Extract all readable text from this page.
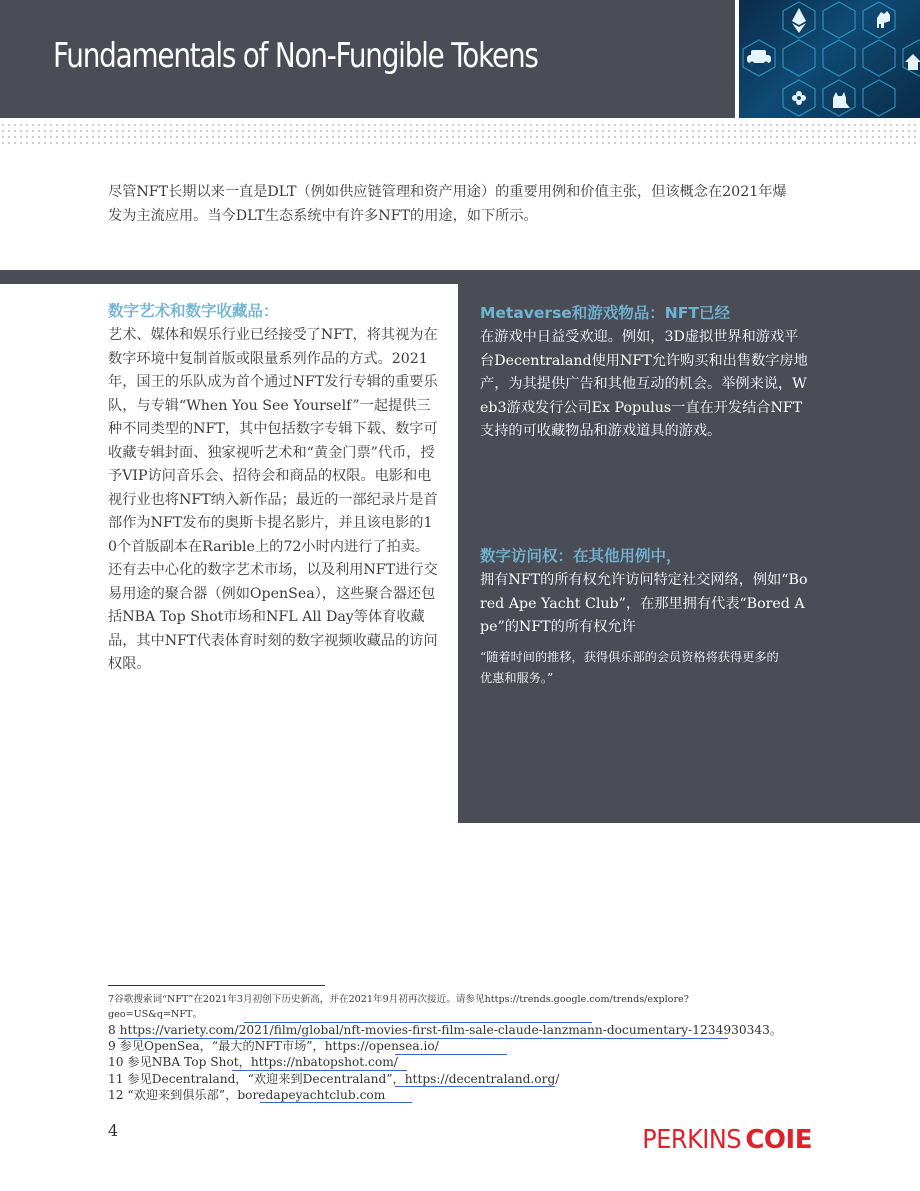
Fundamentals of Non-Fungible Tokens
尽管NFT长期以来一直是DLT（例如供应链管理和资产用途）的重要用例和价值主张，但该概念在2021年爆发为主流应用。当今DLT生态系统中有许多NFT的用途，如下所示。
数字艺术和数字收藏品：

艺术、媒体和娱乐行业已经接受了NFT，将其视为在数字环境中复制首版或限量系列作品的方式。2021年，国王的乐队成为首个通过NFT发行专辑的重要乐队，与专辑“When You See Yourself”一起提供三种不同类型的NFT，其中包括数字专辑下载、数字可收藏专辑封面、独家视听艺术和“黄金门票”代币，授予VIP访问音乐会、招待会和商品的权限。电影和电视行业也将NFT纳入新作品；最近的一部纪录片是首部作为NFT发布的奥斯卡提名影片，并且该电影的10个首版副本在Rarible上的72小时内进行了拍卖。还有去中心化的数字艺术市场，以及利用NFT进行交易用途的聚合器（例如OpenSea），这些聚合器还包括NBA Top Shot市场和NFL All Day等体育收藏品，其中NFT代表体育时刻的数字视频收藏品的访问权限。

Metaverse和游戏物品：NFT已经

在游戏中日益受欢迎。例如，3D虚拟世界和游戏平台Decentraland使用NFT允许购买和出售数字房地产，为其提供广告和其他互动的机会。举例来说，Web3游戏发行公司Ex Populus一直在开发结合NFT支持的可收藏物品和游戏道具的游戏。

数字访问权：在其他用例中，

拥有NFT的所有权允许访问特定社交网络，例如“Bored Ape Yacht Club”，在那里拥有代表“Bored Ape”的NFT的所有权允许

“随着时间的推移，获得俱乐部的会员资格将获得更多的优惠和服务。”
7谷歌搜索词“NFT”在2021年3月初创下历史新高，并在2021年9月初再次接近。请参见https://trends.google.com/trends/explore?
geo=US&q=NFT。
8 https://variety.com/2021/film/global/nft-movies-first-film-sale-claude-lanzmann-documentary-1234930343。
9 参见OpenSea，“最大的NFT市场”，https://opensea.io/
10 参见NBA Top Shot，https://nbatopshot.com/
11 参见Decentraland，“欢迎来到Decentraland”，https://decentraland.org/
12 “欢迎来到俱乐部”，boredapeyachtclub.com
4	PERKINS COIE
